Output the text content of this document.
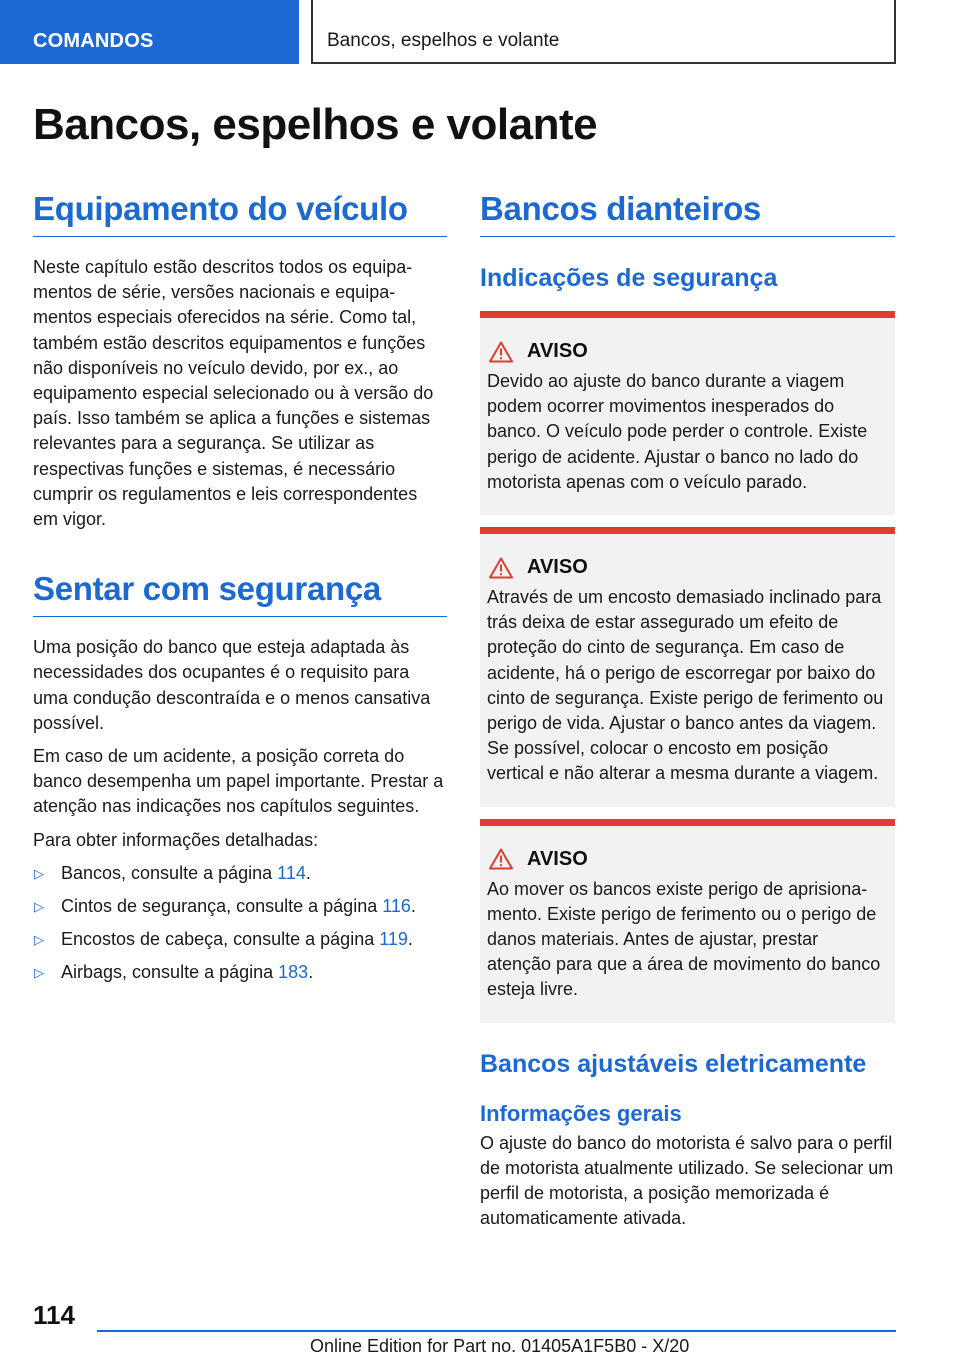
COMANDOS	Bancos, espelhos e volante
Bancos, espelhos e volante
Equipamento do veículo

Neste capítulo estão descritos todos os equipamentos de série, versões nacionais e equipamentos especiais oferecidos na série. Como tal, também estão descritos equipamentos e funções não disponíveis no veículo devido, por ex., ao equipamento especial selecionado ou à versão do país. Isso também se aplica a funções e sistemas relevantes para a segurança. Se utilizar as respectivas funções e sistemas, é necessário cumprir os regulamentos e leis correspondentes em vigor.

Sentar com segurança

Uma posição do banco que esteja adaptada às necessidades dos ocupantes é o requisito para uma condução descontraída e o menos cansativa possível.

Em caso de um acidente, a posição correta do banco desempenha um papel importante. Prestar a atenção nas indicações nos capítulos seguintes.

Para obter informações detalhadas:

▷ Bancos, consulte a página 114.
▷ Cintos de segurança, consulte a página 116.
▷ Encostos de cabeça, consulte a página 119.
▷ Airbags, consulte a página 183.
Bancos dianteiros
Indicações de segurança
AVISO

Devido ao ajuste do banco durante a viagem podem ocorrer movimentos inesperados do banco. O veículo pode perder o controle. Existe perigo de acidente. Ajustar o banco no lado do motorista apenas com o veículo parado.

AVISO

Através de um encosto demasiado inclinado para trás deixa de estar assegurado um efeito de proteção do cinto de segurança. Em caso de acidente, há o perigo de escorregar por baixo do cinto de segurança. Existe perigo de ferimento ou perigo de vida. Ajustar o banco antes da viagem. Se possível, colocar o encosto em posição vertical e não alterar a mesma durante a viagem.

AVISO

Ao mover os bancos existe perigo de aprisionamento. Existe perigo de ferimento ou o perigo de danos materiais. Antes de ajustar, prestar atenção para que a área de movimento do banco esteja livre.

Bancos ajustáveis eletricamente
Informações gerais

O ajuste do banco do motorista é salvo para o perfil de motorista atualmente utilizado. Se selecionar um perfil de motorista, a posição memorizada é automaticamente ativada.

114
Online Edition for Part no. 01405A1F5B0 - X/20
